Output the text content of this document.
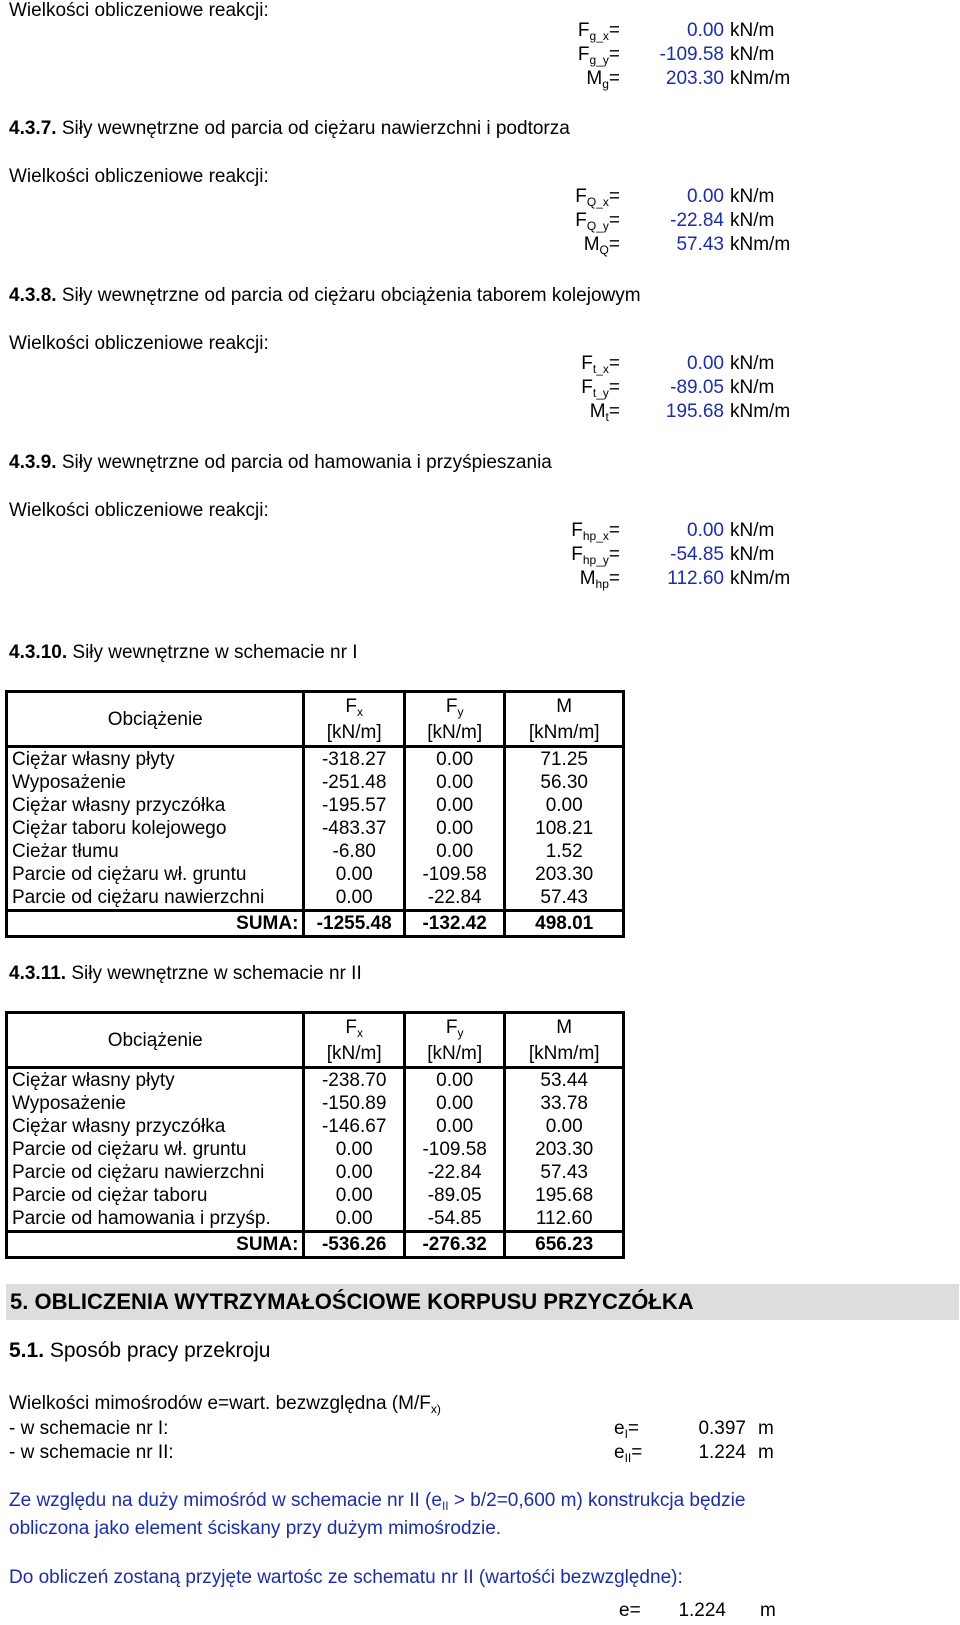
Wielkości obliczeniowe reakcji:
$F_{g\_x}=$	0.00 kN/m
$F_{g\_y}=$	-109.58 kN/m
$M_g=$	203.30 kNm/m
4.3.7. Siły wewnętrzne od parcia od ciężaru nawierzchni i podtorza
Wielkości obliczeniowe reakcji:
$F_{Q\_x}=$	0.00 kN/m
$F_{Q\_y}=$	-22.84 kN/m
$M_Q=$	57.43 kNm/m
4.3.8. Siły wewnętrzne od parcia od ciężaru obciążenia taborem kolejowym
Wielkości obliczeniowe reakcji:
$F_{t\_x}=$	0.00 kN/m
$F_{t\_y}=$	-89.05 kN/m
$M_t=$	195.68 kNm/m
4.3.9. Siły wewnętrzne od parcia od hamowania i przyśpieszania
Wielkości obliczeniowe reakcji:
$F_{hp\_x}=$	0.00 kN/m
$F_{hp\_y}=$	-54.85 kN/m
$M_{hp}=$	112.60 kNm/m
4.3.10. Siły wewnętrzne w schemacie nr I
Obciążenie	$F_x$	$F_y$	M
	[kN/m]	[kN/m]	[kNm/m]
Ciężar własny płyty	-318.27	0.00	71.25
Wyposażenie	-251.48	0.00	56.30
Ciężar własny przyczółka	-195.57	0.00	0.00
Ciężar taboru kolejowego	-483.37	0.00	108.21
Cieżar tłumu	-6.80	0.00	1.52
Parcie od ciężaru wł. gruntu	0.00	-109.58	203.30
Parcie od ciężaru nawierzchni	0.00	-22.84	57.43
SUMA:	-1255.48	-132.42	498.01
4.3.11. Siły wewnętrzne w schemacie nr II
Obciążenie	$F_x$	$F_y$	M
	[kN/m]	[kN/m]	[kNm/m]
Ciężar własny płyty	-238.70	0.00	53.44
Wyposażenie	-150.89	0.00	33.78
Ciężar własny przyczółka	-146.67	0.00	0.00
Parcie od ciężaru wł. gruntu	0.00	-109.58	203.30
Parcie od ciężaru nawierzchni	0.00	-22.84	57.43
Parcie od ciężar taboru	0.00	-89.05	195.68
Parcie od hamowania i przyśp.	0.00	-54.85	112.60
SUMA:	-536.26	-276.32	656.23
5. OBLICZENIA WYTRZYMAŁOŚCIOWE KORPUSU PRZYCZÓŁKA
5.1. Sposób pracy przekroju
Wielkości mimośrodów e=wart. bezwzględna ($M/F_{x)}$
- w schemacie nr I:	$e_I=$	0.397 m
- w schemacie nr II:	$e_{II}=$	1.224 m
Ze względu na duży mimośród w schemacie nr II ($e_{II} > b/2=0,600$ m) konstrukcja będzie
obliczona jako element ściskany przy dużym mimośrodzie.
Do obliczeń zostaną przyjęte wartośc ze schematu nr II (wartośći bezwzględne):
e=	1.224 m
